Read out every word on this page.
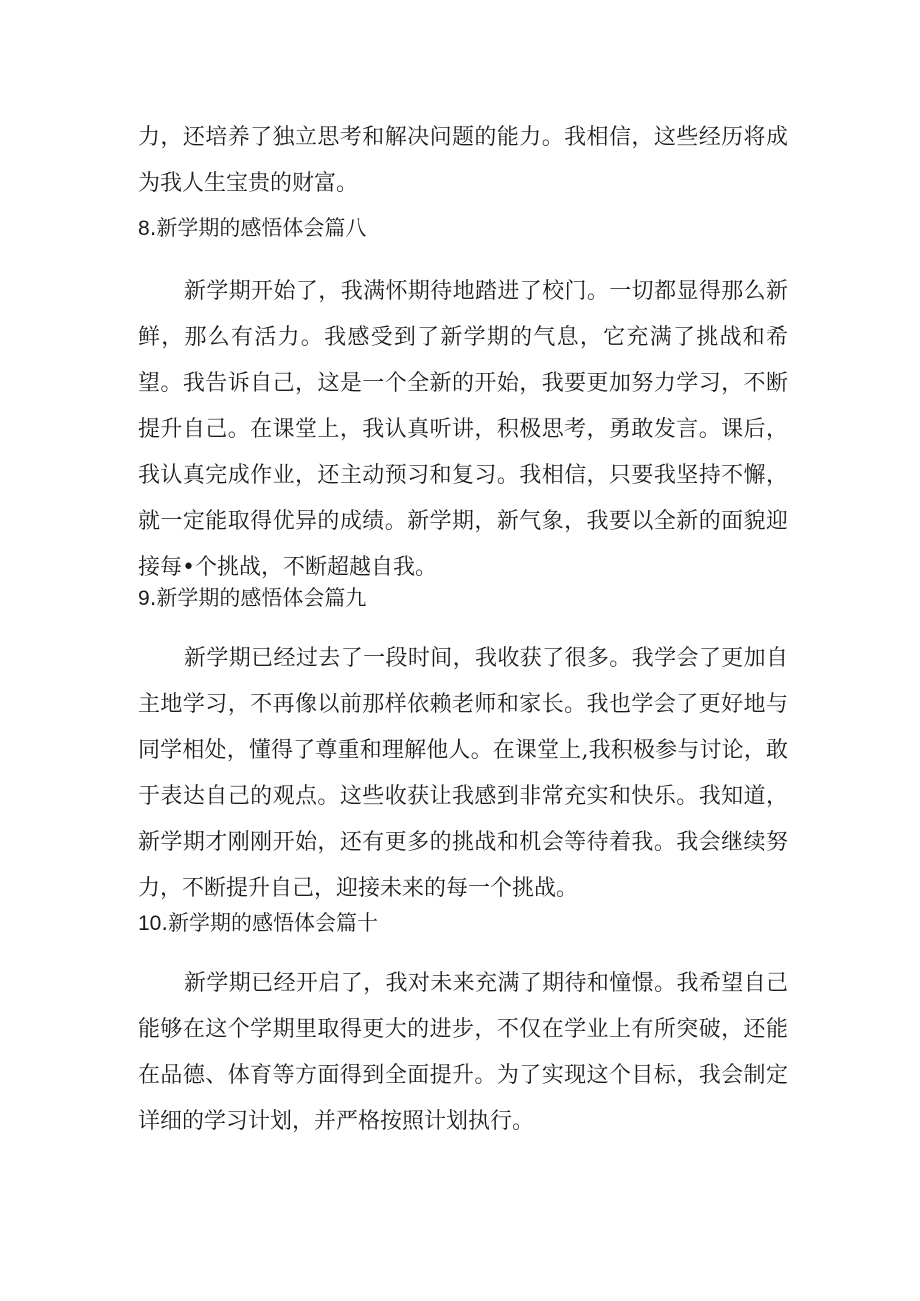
力，还培养了独立思考和解决问题的能力。我相信，这些经历将成为我人生宝贵的财富。
8.新学期的感悟体会篇八
新学期开始了，我满怀期待地踏进了校门。一切都显得那么新鲜，那么有活力。我感受到了新学期的气息，它充满了挑战和希望。我告诉自己，这是一个全新的开始，我要更加努力学习，不断提升自己。在课堂上，我认真听讲，积极思考，勇敢发言。课后，我认真完成作业，还主动预习和复习。我相信，只要我坚持不懈，就一定能取得优异的成绩。新学期，新气象，我要以全新的面貌迎接每•个挑战，不断超越自我。
9.新学期的感悟体会篇九
新学期已经过去了一段时间，我收获了很多。我学会了更加自主地学习，不再像以前那样依赖老师和家长。我也学会了更好地与同学相处，懂得了尊重和理解他人。在课堂上,我积极参与讨论，敢于表达自己的观点。这些收获让我感到非常充实和快乐。我知道，新学期才刚刚开始，还有更多的挑战和机会等待着我。我会继续努力，不断提升自己，迎接未来的每一个挑战。
10.新学期的感悟体会篇十
新学期已经开启了，我对未来充满了期待和憧憬。我希望自己能够在这个学期里取得更大的进步，不仅在学业上有所突破，还能在品德、体育等方面得到全面提升。为了实现这个目标，我会制定详细的学习计划，并严格按照计划执行。
